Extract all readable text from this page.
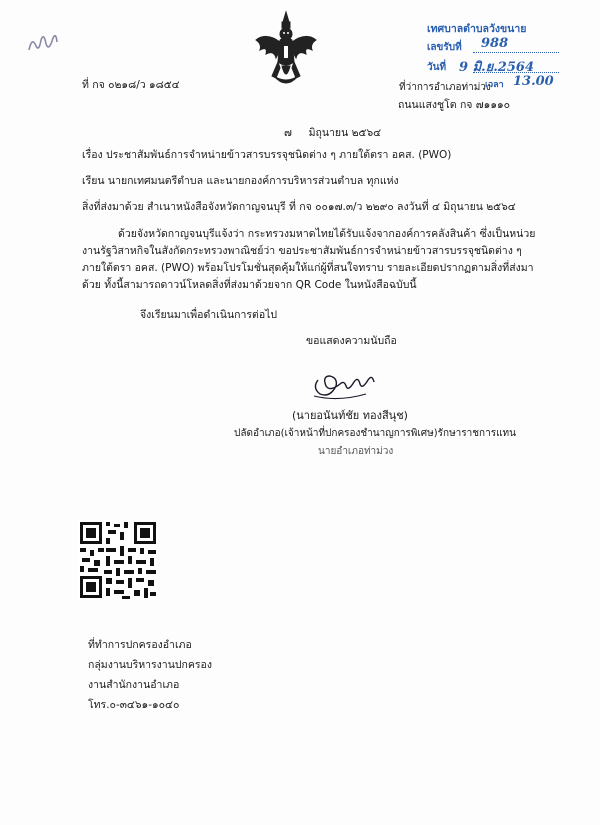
เทศบาลตำบลวังขนาย
เลขรับที่ 988
วันที่ 9 มิ.ย.2564
ที่ว่าการอำเภอท่าม่วง
เวลา 13.00
ที่ กจ ๐๒๑๘/ว ๑๘๕๔
ถนนแสงชูโต กจ ๗๑๑๑๐
๗     มิถุนายน ๒๕๖๔
เรื่อง ประชาสัมพันธ์การจำหน่ายข้าวสารบรรจุชนิดต่าง ๆ ภายใต้ตรา อคส. (PWO)
เรียน นายกเทศมนตรีตำบล และนายกองค์การบริหารส่วนตำบล ทุกแห่ง
สิ่งที่ส่งมาด้วย สำเนาหนังสือจังหวัดกาญจนบุรี ที่ กจ ๐๐๑๗.๓/ว ๒๒๙๐ ลงวันที่ ๔ มิถุนายน ๒๕๖๔
ด้วยจังหวัดกาญจนบุรีแจ้งว่า กระทรวงมหาดไทยได้รับแจ้งจากองค์การคลังสินค้า ซึ่งเป็นหน่วยงานรัฐวิสาหกิจในสังกัดกระทรวงพาณิชย์ว่า ขอประชาสัมพันธ์การจำหน่ายข้าวสารบรรจุชนิดต่าง ๆ ภายใต้ตรา อคส. (PWO) พร้อมโปรโมชั่นสุดคุ้มให้แก่ผู้ที่สนใจทราบ รายละเอียดปรากฏตามสิ่งที่ส่งมาด้วย ทั้งนี้สามารถดาวน์โหลดสิ่งที่ส่งมาด้วยจาก QR Code ในหนังสือฉบับนี้
จึงเรียนมาเพื่อดำเนินการต่อไป
ขอแสดงความนับถือ
(นายอนันท์ชัย ทองสีนุช)
ปลัดอำเภอ(เจ้าหน้าที่ปกครองชำนาญการพิเศษ)รักษาราชการแทน
นายอำเภอท่าม่วง
ที่ทำการปกครองอำเภอ
กลุ่มงานบริหารงานปกครอง
งานสำนักงานอำเภอ
โทร.๐-๓๔๖๑-๑๐๔๐
